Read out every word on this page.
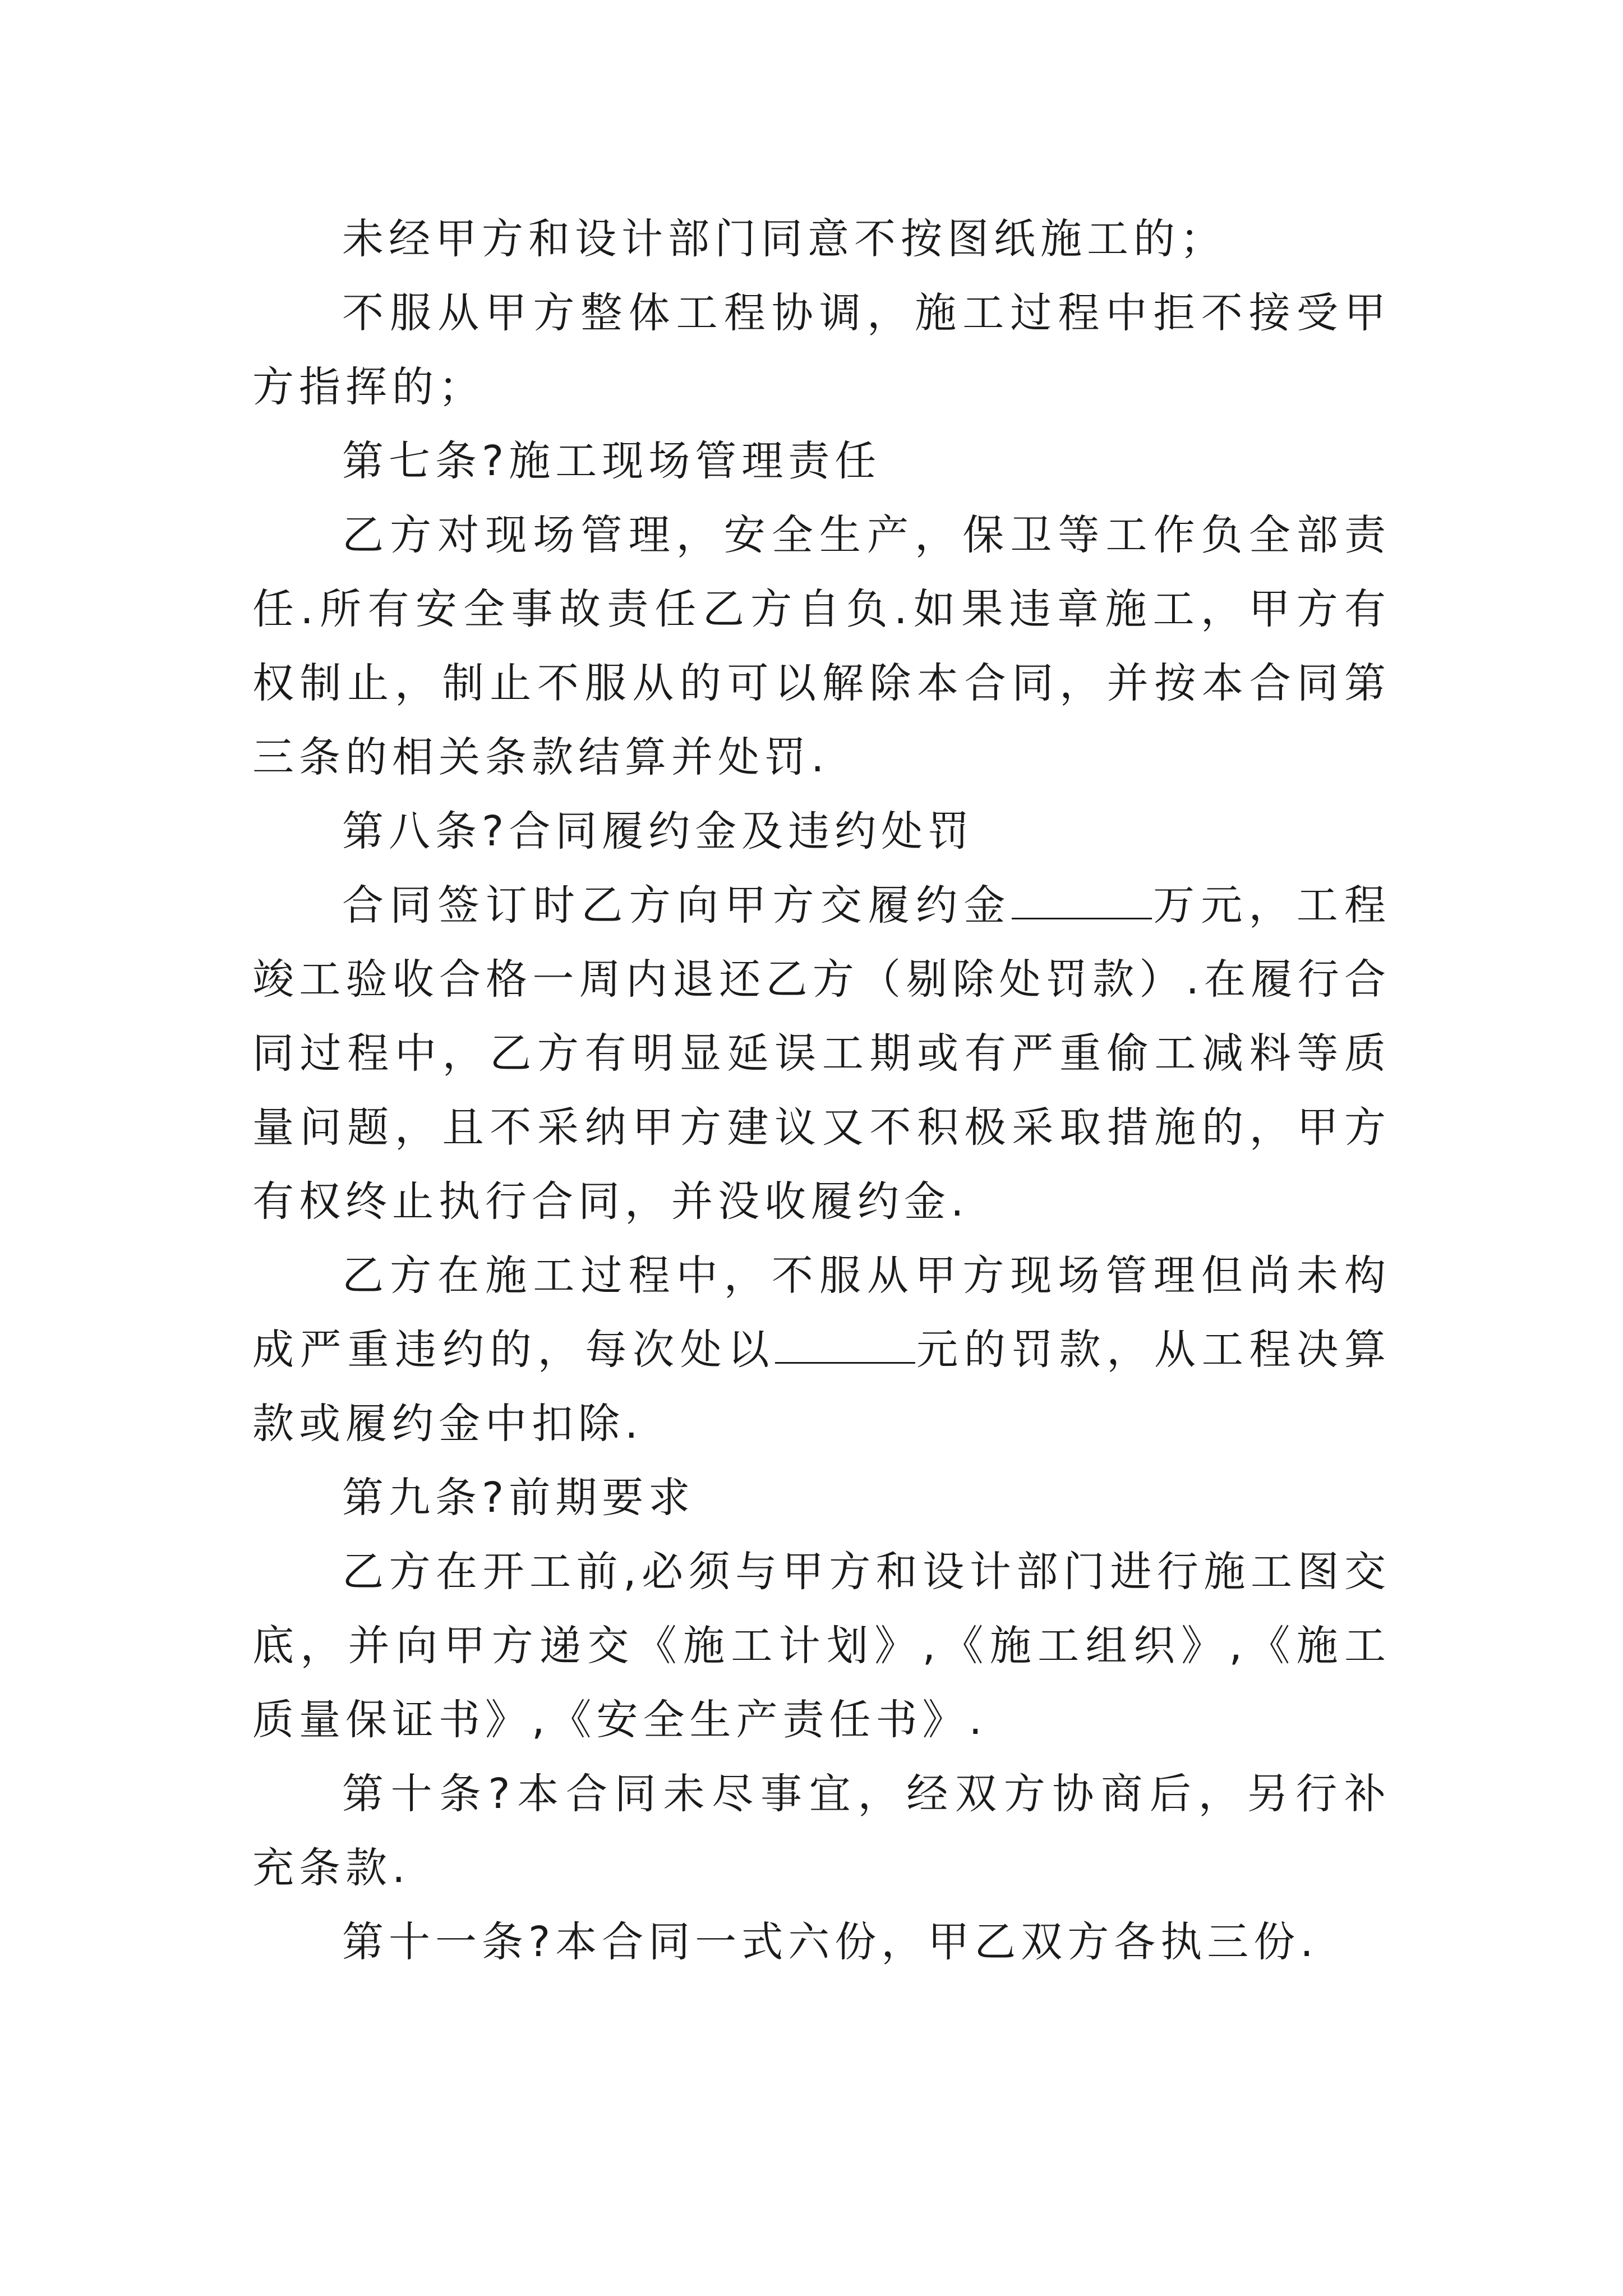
未经甲方和设计部门同意不按图纸施工的；

不服从甲方整体工程协调，施工过程中拒不接受甲方指挥的；

第七条?施工现场管理责任

乙方对现场管理，安全生产，保卫等工作负全部责任.所有安全事故责任乙方自负.如果违章施工，甲方有权制止，制止不服从的可以解除本合同，并按本合同第三条的相关条款结算并处罚.

第八条?合同履约金及违约处罚

合同签订时乙方向甲方交履约金	万元，工程竣工验收合格一周内退还乙方（剔除处罚款）.在履行合同过程中，乙方有明显延误工期或有严重偷工减料等质量问题，且不采纳甲方建议又不积极采取措施的，甲方有权终止执行合同，并没收履约金.

乙方在施工过程中，不服从甲方现场管理但尚未构成严重违约的，每次处以	元的罚款，从工程决算款或履约金中扣除.

第九条?前期要求

乙方在开工前,必须与甲方和设计部门进行施工图交底，并向甲方递交《施工计划》,《施工组织》,《施工质量保证书》,《安全生产责任书》.

第十条?本合同未尽事宜，经双方协商后，另行补充条款.

第十一条?本合同一式六份，甲乙双方各执三份.
